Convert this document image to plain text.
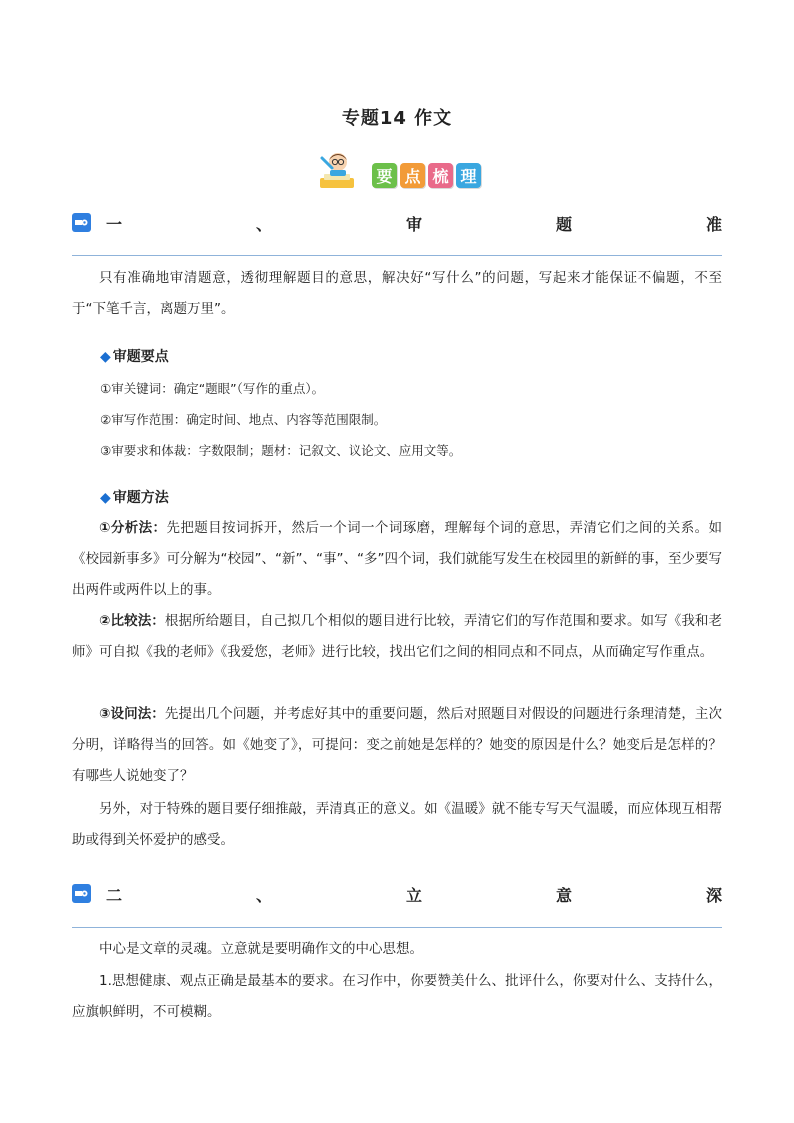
专题14 作文
要 点 梳 理
一	、	审	题	准

只有准确地审清题意，透彻理解题目的意思，解决好“写什么”的问题，写起来才能保证不偏题，不至于“下笔千言，离题万里”。

◆ 审题要点
①审关键词：确定“题眼”（写作的重点）。
②审写作范围：确定时间、地点、内容等范围限制。
③审要求和体裁：字数限制；题材：记叙文、议论文、应用文等。
◆ 审题方法

①分析法：先把题目按词拆开，然后一个词一个词琢磨，理解每个词的意思，弄清它们之间的关系。如《校园新事多》可分解为“校园”、“新”、“事”、“多”四个词，我们就能写发生在校园里的新鲜的事，至少要写出两件或两件以上的事。

②比较法：根据所给题目，自己拟几个相似的题目进行比较，弄清它们的写作范围和要求。如写《我和老师》可自拟《我的老师》《我爱您，老师》进行比较，找出它们之间的相同点和不同点，从而确定写作重点。

③设问法：先提出几个问题，并考虑好其中的重要问题，然后对照题目对假设的问题进行条理清楚，主次分明，详略得当的回答。如《她变了》，可提问：变之前她是怎样的？她变的原因是什么？她变后是怎样的？有哪些人说她变了？

另外，对于特殊的题目要仔细推敲，弄清真正的意义。如《温暖》就不能专写天气温暖，而应体现互相帮助或得到关怀爱护的感受。

二	、	立	意	深

中心是文章的灵魂。立意就是要明确作文的中心思想。

1.思想健康、观点正确是最基本的要求。在习作中，你要赞美什么、批评什么，你要对什么、支持什么，应旗帜鲜明，不可模糊。
